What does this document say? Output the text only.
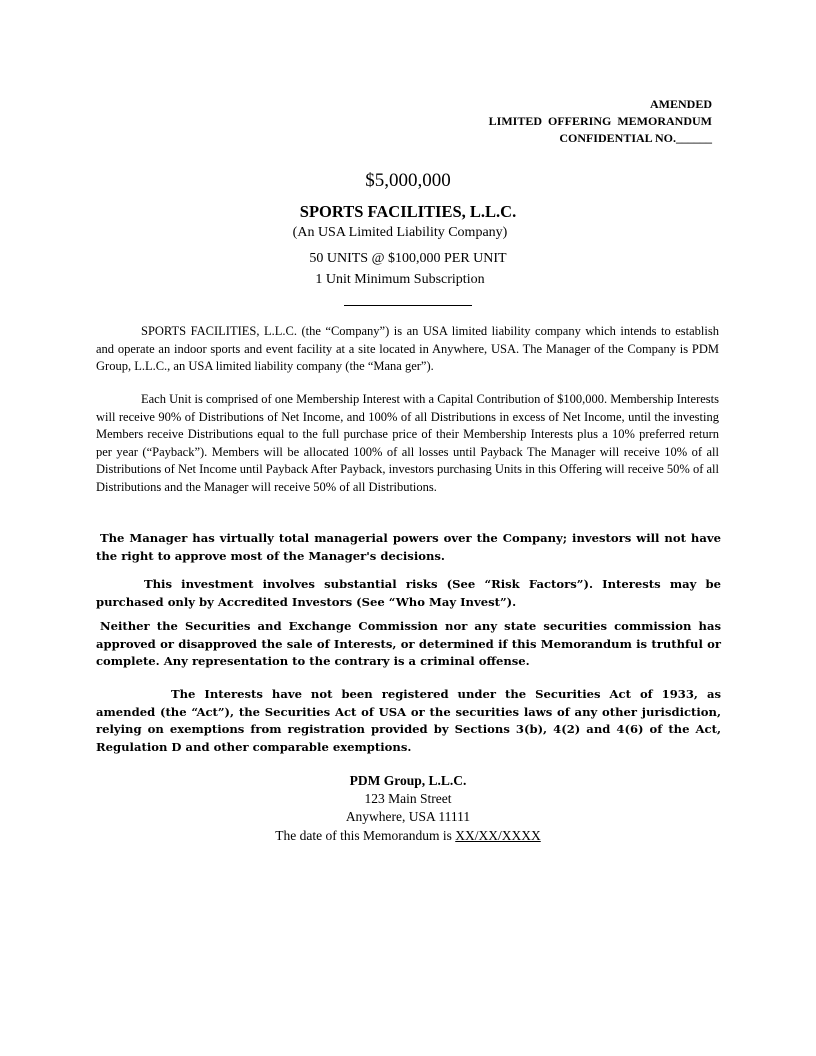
AMENDED
LIMITED  OFFERING  MEMORANDUM
CONFIDENTIAL NO.______
$5,000,000
SPORTS FACILITIES, L.L.C.
(An USA Limited Liability Company)
50 UNITS @ $100,000 PER UNIT
1 Unit Minimum Subscription
SPORTS FACILITIES, L.L.C. (the “Company”) is an USA limited liability company which intends to establish and operate an indoor sports and event facility at a site located in Anywhere, USA. The Manager of the Company is PDM Group, L.L.C., an USA limited liability company (the “Mana ger”).
Each Unit is comprised of one Membership Interest with a Capital Contribution of $100,000. Membership Interests will receive 90% of Distributions of Net Income, and 100% of all Distributions in excess of Net Income, until the investing Members receive Distributions equal to the full purchase price of their Membership Interests plus a 10% preferred return per year (“Payback”). Members will be allocated 100% of all losses until Payback The Manager will receive 10% of all Distributions of Net Income until Payback After Payback, investors purchasing Units in this Offering will receive 50% of all Distributions and the Manager will receive 50% of all Distributions.
The Manager has virtually total managerial powers over the Company; investors will not have the right to approve most of the Manager's decisions.
This investment involves substantial risks (See “Risk Factors”). Interests may be purchased only by Accredited Investors (See “Who May Invest”).
Neither the Securities and Exchange Commission nor any state securities commission has approved or disapproved the sale of Interests, or determined if this Memorandum is truthful or complete. Any representation to the contrary is a criminal offense.
The Interests have not been registered under the Securities Act of 1933, as amended (the “Act”), the Securities Act of USA or the securities laws of any other jurisdiction, relying on exemptions from registration provided by Sections 3(b), 4(2) and 4(6) of the Act, Regulation D and other comparable exemptions.
PDM Group, L.L.C.
123 Main Street
Anywhere, USA 11111
The date of this Memorandum is XX/XX/XXXX
